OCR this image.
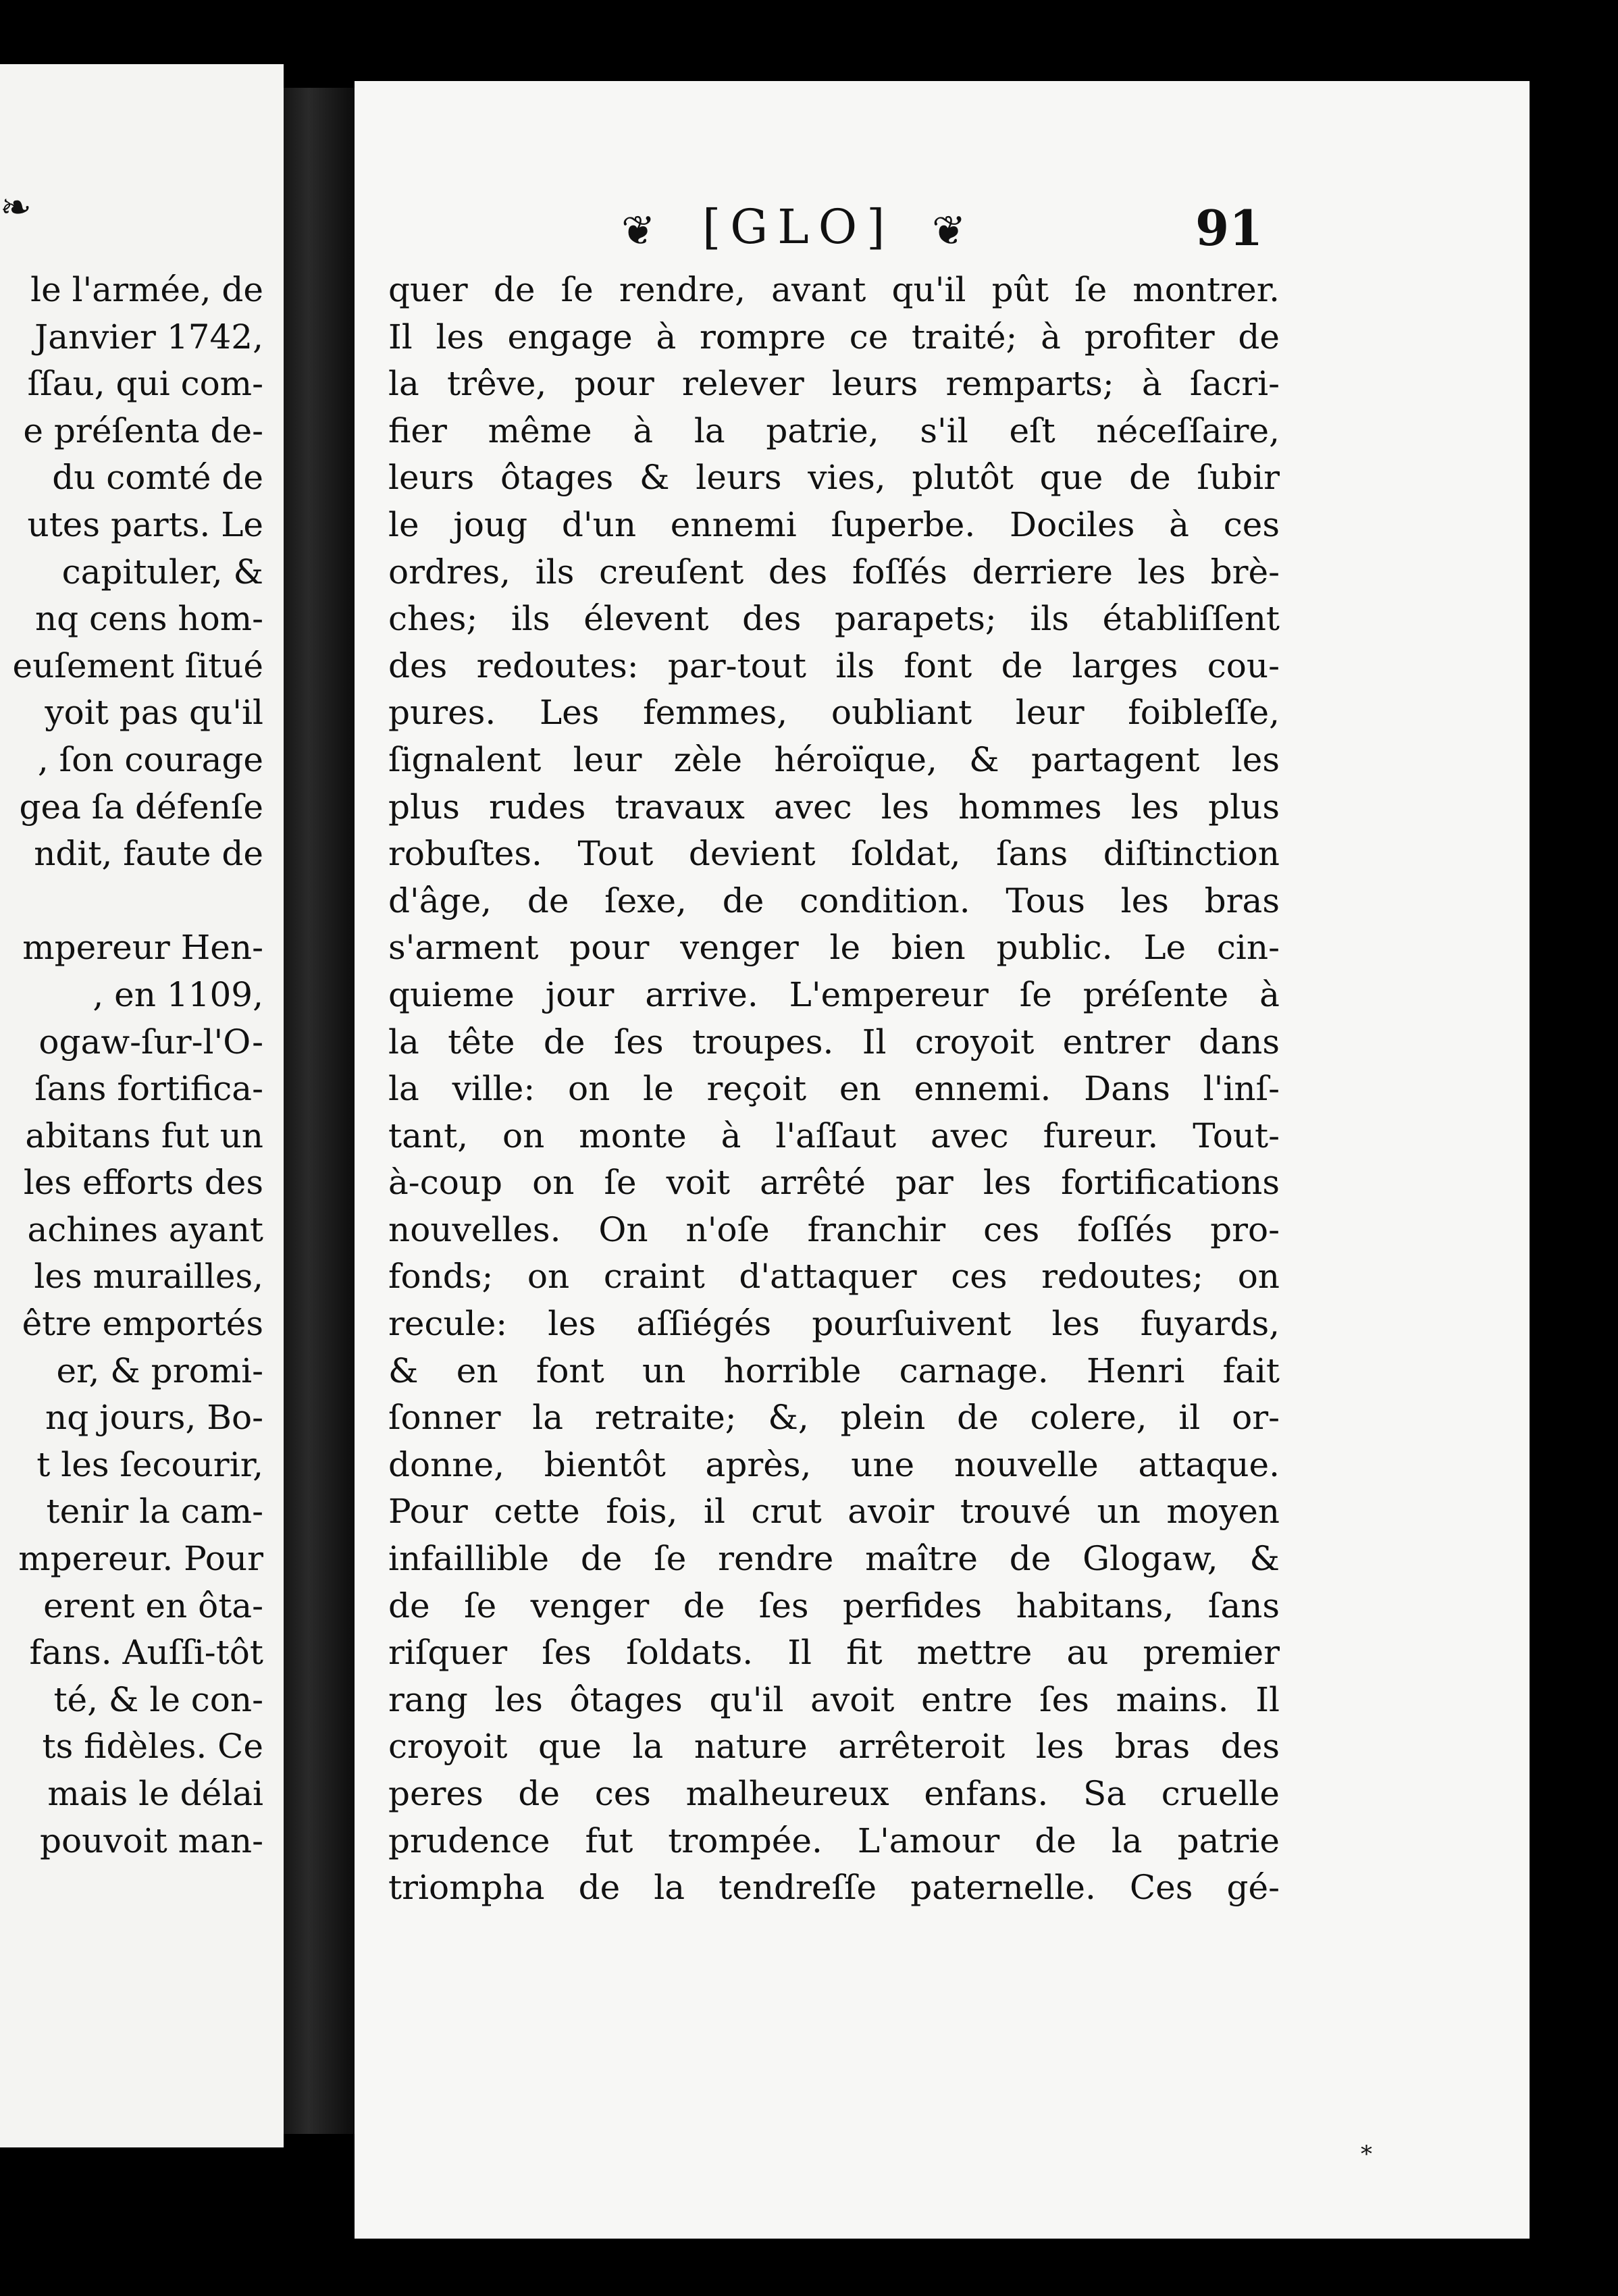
❧
le l'armée, de
Janvier 1742,
ſſau, qui com-
e préſenta de-
du comté de
utes parts. Le
capituler, &
nq cens hom-
euſement ſitué
yoit pas qu'il
, ſon courage
gea ſa défenſe
ndit, faute de
mpereur Hen-
, en 1109,
ogaw-ſur-l'O-
ſans fortifica-
abitans fut un
les efforts des
achines ayant
les murailles,
être emportés
er, & promi-
nq jours, Bo-
t les ſecourir,
tenir la cam-
mpereur. Pour
erent en ôta-
fans. Auſſi-tôt
té, & le con-
ts fidèles. Ce
mais le délai
pouvoit man-
❦ [GLO] ❦	91
quer de ſe rendre, avant qu'il pût ſe montrer.
Il les engage à rompre ce traité; à profiter de
la trêve, pour relever leurs remparts; à ſacri-
fier même à la patrie, s'il eſt néceſſaire,
leurs ôtages & leurs vies, plutôt que de ſubir
le joug d'un ennemi ſuperbe. Dociles à ces
ordres, ils creuſent des foſſés derriere les brè-
ches; ils élevent des parapets; ils établiſſent
des redoutes: par-tout ils font de larges cou-
pures. Les femmes, oubliant leur foibleſſe,
ſignalent leur zèle héroïque, & partagent les
plus rudes travaux avec les hommes les plus
robuſtes. Tout devient ſoldat, ſans diſtinction
d'âge, de ſexe, de condition. Tous les bras
s'arment pour venger le bien public. Le cin-
quieme jour arrive. L'empereur ſe préſente à
la tête de ſes troupes. Il croyoit entrer dans
la ville: on le reçoit en ennemi. Dans l'inſ-
tant, on monte à l'aſſaut avec fureur. Tout-
à-coup on ſe voit arrêté par les fortifications
nouvelles. On n'oſe franchir ces foſſés pro-
fonds; on craint d'attaquer ces redoutes; on
recule: les aſſiégés pourſuivent les fuyards,
& en font un horrible carnage. Henri fait
ſonner la retraite; &, plein de colere, il or-
donne, bientôt après, une nouvelle attaque.
Pour cette fois, il crut avoir trouvé un moyen
infaillible de ſe rendre maître de Glogaw, &
de ſe venger de ſes perfides habitans, ſans
riſquer ſes ſoldats. Il fit mettre au premier
rang les ôtages qu'il avoit entre ſes mains. Il
croyoit que la nature arrêteroit les bras des
peres de ces malheureux enfans. Sa cruelle
prudence fut trompée. L'amour de la patrie
triompha de la tendreſſe paternelle. Ces gé-
*
